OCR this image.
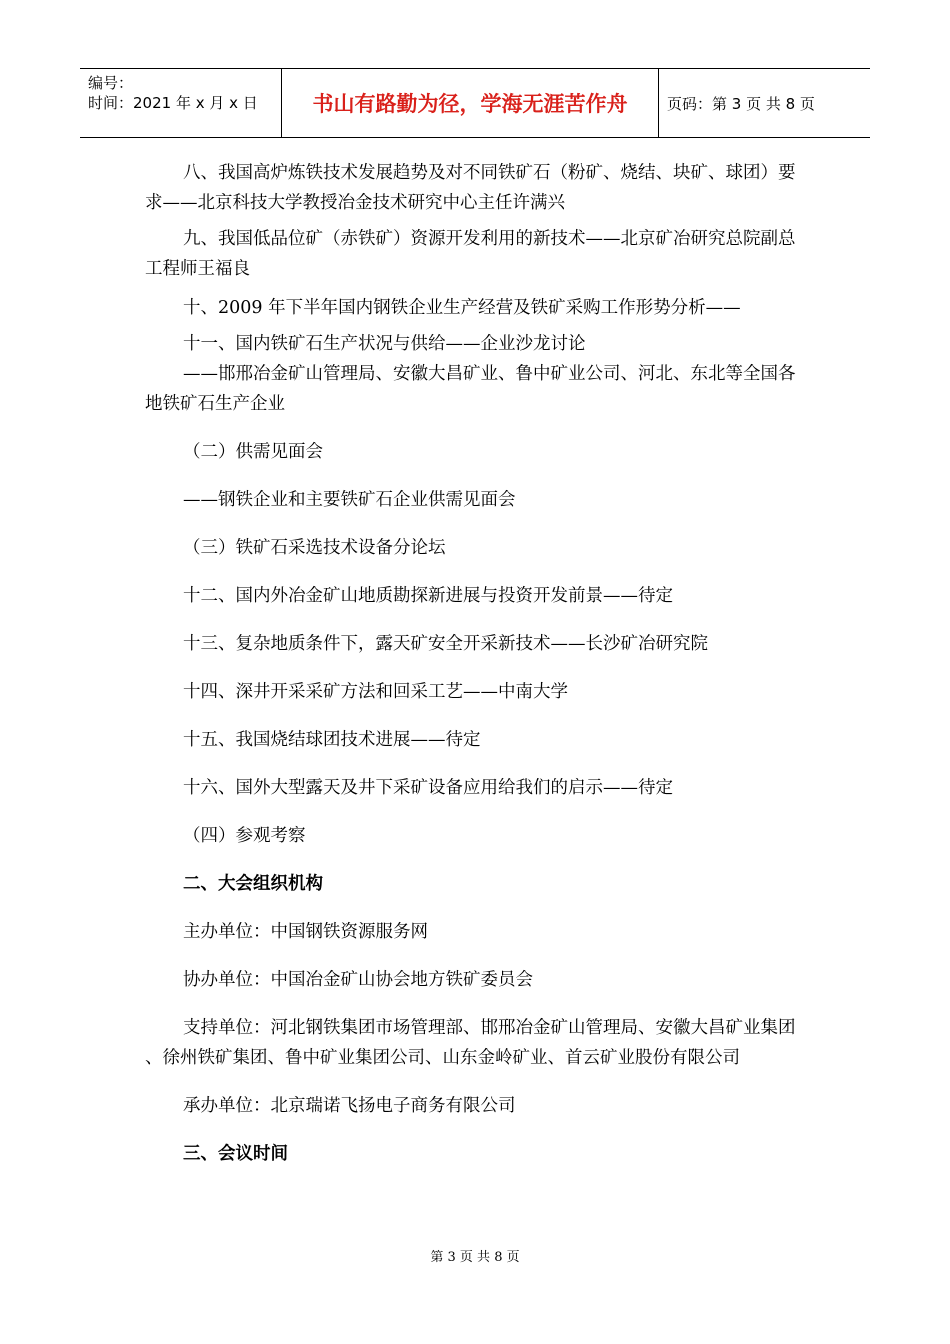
编号：
时间：2021 年 x 月 x 日	书山有路勤为径，学海无涯苦作舟	页码：第 3 页 共 8 页

八、我国高炉炼铁技术发展趋势及对不同铁矿石（粉矿、烧结、块矿、球团）要求——北京科技大学教授冶金技术研究中心主任许满兴

九、我国低品位矿（赤铁矿）资源开发利用的新技术——北京矿冶研究总院副总工程师王福良

十、2009 年下半年国内钢铁企业生产经营及铁矿采购工作形势分析——

十一、国内铁矿石生产状况与供给——企业沙龙讨论

——邯邢冶金矿山管理局、安徽大昌矿业、鲁中矿业公司、河北、东北等全国各地铁矿石生产企业

（二）供需见面会

——钢铁企业和主要铁矿石企业供需见面会

（三）铁矿石采选技术设备分论坛

十二、国内外冶金矿山地质勘探新进展与投资开发前景——待定

十三、复杂地质条件下，露天矿安全开采新技术——长沙矿冶研究院

十四、深井开采采矿方法和回采工艺——中南大学

十五、我国烧结球团技术进展——待定

十六、国外大型露天及井下采矿设备应用给我们的启示——待定

（四）参观考察

二、大会组织机构

主办单位：中国钢铁资源服务网

协办单位：中国冶金矿山协会地方铁矿委员会

支持单位：河北钢铁集团市场管理部、邯邢冶金矿山管理局、安徽大昌矿业集团 、徐州铁矿集团、鲁中矿业集团公司、山东金岭矿业、首云矿业股份有限公司

承办单位：北京瑞诺飞扬电子商务有限公司

三、会议时间

第 3 页 共 8 页
